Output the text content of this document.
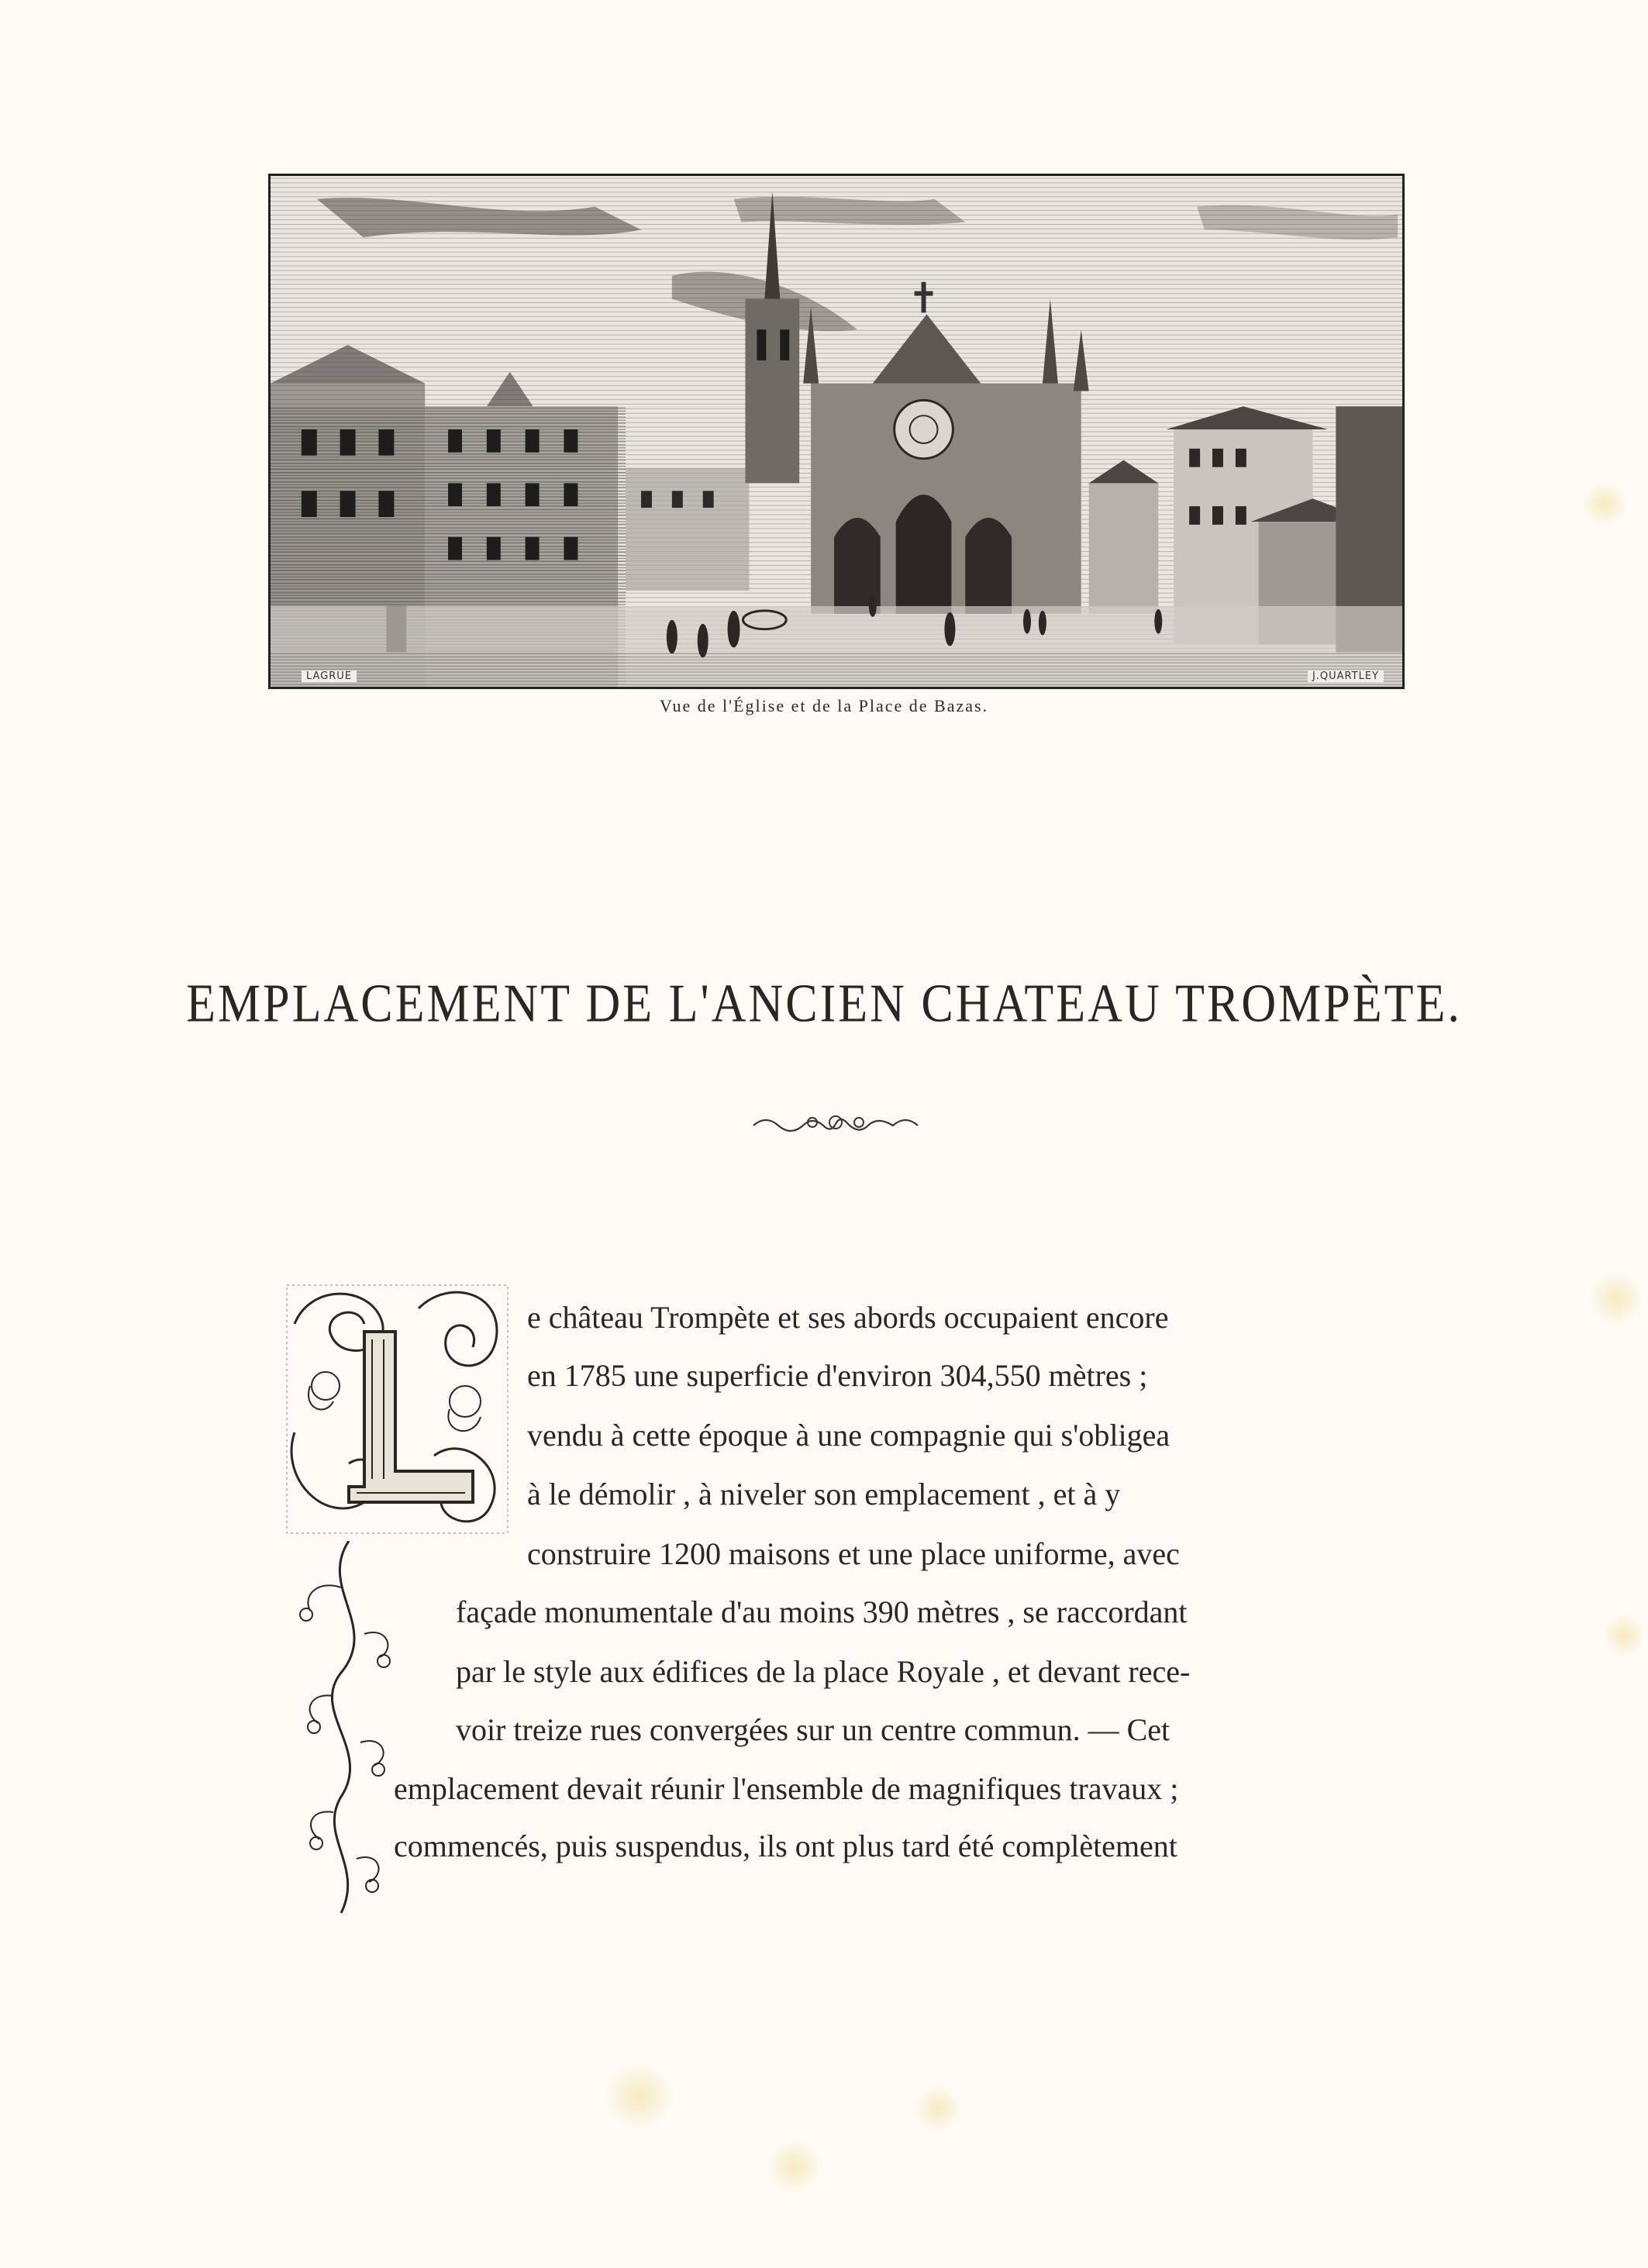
LAGRUE	J.QUARTLEY
Vue de l'Église et de la Place de Bazas.
EMPLACEMENT DE L'ANCIEN CHATEAU TROMPÈTE.
L
e château Trompète et ses abords occupaient encore
en 1785 une superficie d'environ 304,550 mètres ;
vendu à cette époque à une compagnie qui s'obligea
à le démolir , à niveler son emplacement , et à y
construire 1200 maisons et une place uniforme, avec
façade monumentale d'au moins 390 mètres , se raccordant
par le style aux édifices de la place Royale , et devant rece-
voir treize rues convergées sur un centre commun. — Cet
emplacement devait réunir l'ensemble de magnifiques travaux ;
commencés, puis suspendus, ils ont plus tard été complètement
